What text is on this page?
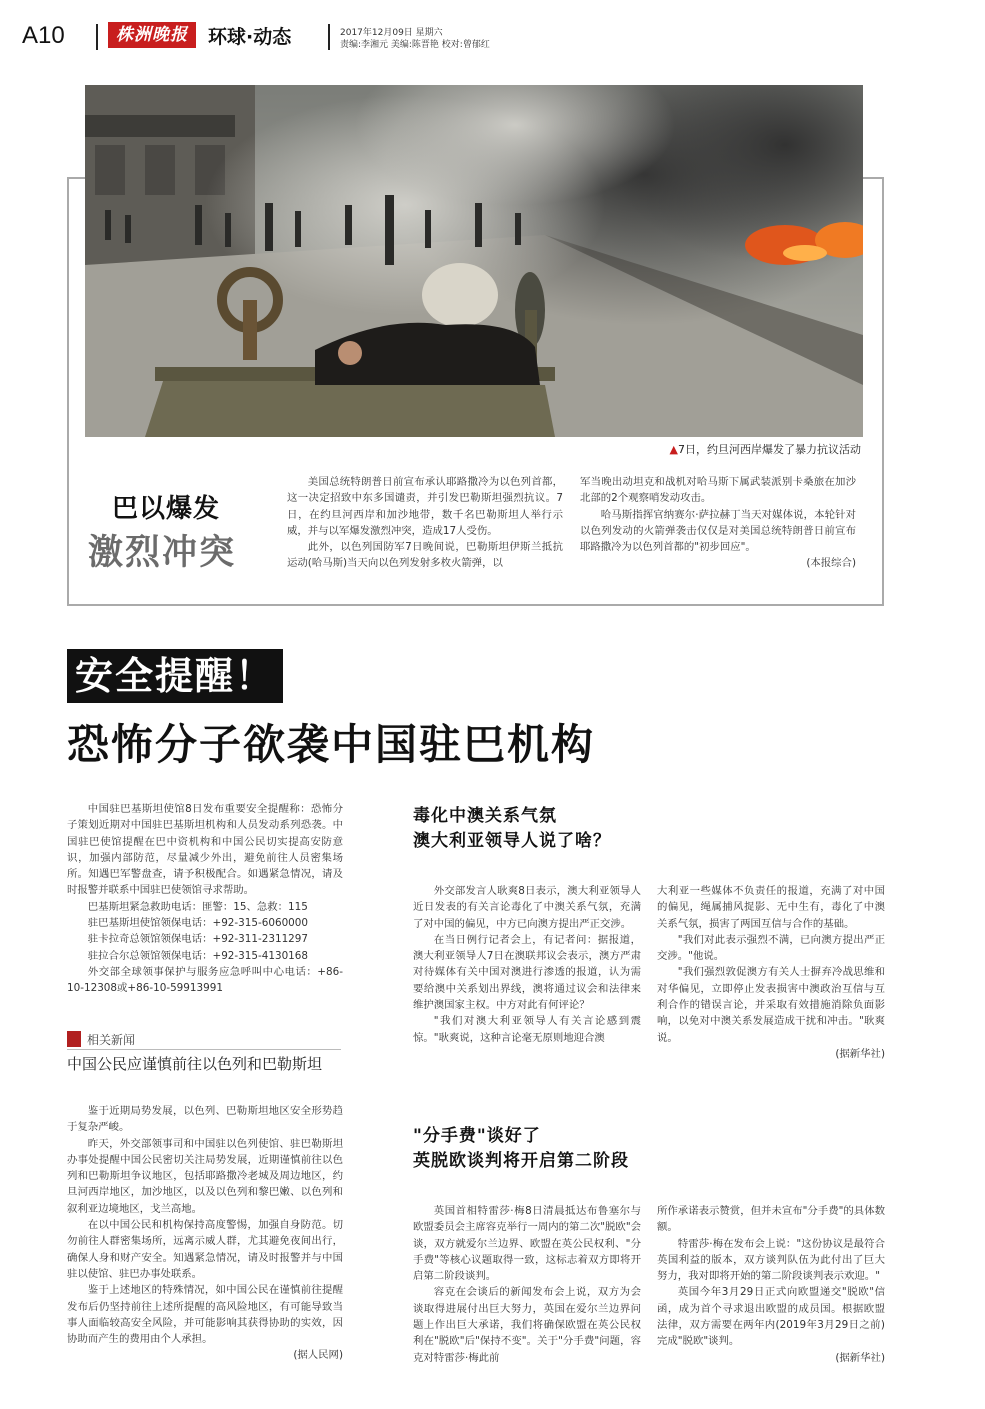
A10	株洲晚报	环球·动态	2017年12月09日 星期六
责编:李湘元 美编:陈晋艳 校对:曾郁红
▲7日，约旦河西岸爆发了暴力抗议活动
巴以爆发
激烈冲突

美国总统特朗普日前宣布承认耶路撒冷为以色列首都，这一决定招致中东多国谴责，并引发巴勒斯坦强烈抗议。7日，在约旦河西岸和加沙地带，数千名巴勒斯坦人举行示威，并与以军爆发激烈冲突，造成17人受伤。

此外，以色列国防军7日晚间说，巴勒斯坦伊斯兰抵抗运动(哈马斯)当天向以色列发射多枚火箭弹，以

军当晚出动坦克和战机对哈马斯下属武装派别卡桑旅在加沙北部的2个观察哨发动攻击。

哈马斯指挥官纳赛尔·萨拉赫丁当天对媒体说，本轮针对以色列发动的火箭弹袭击仅仅是对美国总统特朗普日前宣布耶路撒冷为以色列首都的"初步回应"。

(本报综合)
安全提醒！
恐怖分子欲袭中国驻巴机构

中国驻巴基斯坦使馆8日发布重要安全提醒称：恐怖分子策划近期对中国驻巴基斯坦机构和人员发动系列恐袭。中国驻巴使馆提醒在巴中资机构和中国公民切实提高安防意识，加强内部防范，尽量减少外出，避免前往人员密集场所。知遇巴军警盘查，请予积极配合。如遇紧急情况，请及时报警并联系中国驻巴使领馆寻求帮助。

巴基斯坦紧急救助电话：匪警：15、急救：115

驻巴基斯坦使馆领保电话：+92-315-6060000

驻卡拉奇总领馆领保电话：+92-311-2311297

驻拉合尔总领馆领保电话：+92-315-4130168

外交部全球领事保护与服务应急呼叫中心电话：+86-10-12308或+86-10-59913991

相关新闻
中国公民应谨慎前往以色列和巴勒斯坦

鉴于近期局势发展，以色列、巴勒斯坦地区安全形势趋于复杂严峻。

昨天，外交部领事司和中国驻以色列使馆、驻巴勒斯坦办事处提醒中国公民密切关注局势发展，近期谨慎前往以色列和巴勒斯坦争议地区，包括耶路撒冷老城及周边地区，约旦河西岸地区，加沙地区，以及以色列和黎巴嫩、以色列和叙利亚边境地区，戈兰高地。

在以中国公民和机构保持高度警惕，加强自身防范。切勿前往人群密集场所，远离示威人群，尤其避免夜间出行，确保人身和财产安全。知遇紧急情况，请及时报警并与中国驻以使馆、驻巴办事处联系。

鉴于上述地区的特殊情况，如中国公民在谨慎前往提醒发布后仍坚持前往上述所提醒的高风险地区，有可能导致当事人面临较高安全风险，并可能影响其获得协助的实效，因协助而产生的费用由个人承担。

(据人民网)
毒化中澳关系气氛
澳大利亚领导人说了啥？

外交部发言人耿爽8日表示，澳大利亚领导人近日发表的有关言论毒化了中澳关系气氛，充满了对中国的偏见，中方已向澳方提出严正交涉。

在当日例行记者会上，有记者问：据报道，澳大利亚领导人7日在澳联邦议会表示，澳方严肃对待媒体有关中国对澳进行渗透的报道，认为需要给澳中关系划出界线，澳将通过议会和法律来维护澳国家主权。中方对此有何评论？

"我们对澳大利亚领导人有关言论感到震惊。"耿爽说，这种言论毫无原则地迎合澳

大利亚一些媒体不负责任的报道，充满了对中国的偏见，绳属捕风捉影、无中生有，毒化了中澳关系气氛，损害了两国互信与合作的基础。

"我们对此表示强烈不满，已向澳方提出严正交涉。"他说。

"我们强烈敦促澳方有关人士摒弃冷战思维和对华偏见，立即停止发表损害中澳政治互信与互利合作的错误言论，并采取有效措施消除负面影响，以免对中澳关系发展造成干扰和冲击。"耿爽说。

(据新华社)
"分手费"谈好了
英脱欧谈判将开启第二阶段

英国首相特雷莎·梅8日清晨抵达布鲁塞尔与欧盟委员会主席容克举行一周内的第二次"脱欧"会谈，双方就爱尔兰边界、欧盟在英公民权利、"分手费"等核心议题取得一致，这标志着双方即将开启第二阶段谈判。

容克在会谈后的新闻发布会上说，双方为会谈取得进展付出巨大努力，英国在爱尔兰边界问题上作出巨大承诺，我们将确保欧盟在英公民权利在"脱欧"后"保持不变"。关于"分手费"问题，容克对特雷莎·梅此前

所作承诺表示赞赏，但并未宣布"分手费"的具体数额。

特雷莎·梅在发布会上说："这份协议是最符合英国利益的版本，双方谈判队伍为此付出了巨大努力，我对即将开始的第二阶段谈判表示欢迎。"

英国今年3月29日正式向欧盟递交"脱欧"信函，成为首个寻求退出欧盟的成员国。根据欧盟法律，双方需要在两年内(2019年3月29日之前)完成"脱欧"谈判。

(据新华社)
